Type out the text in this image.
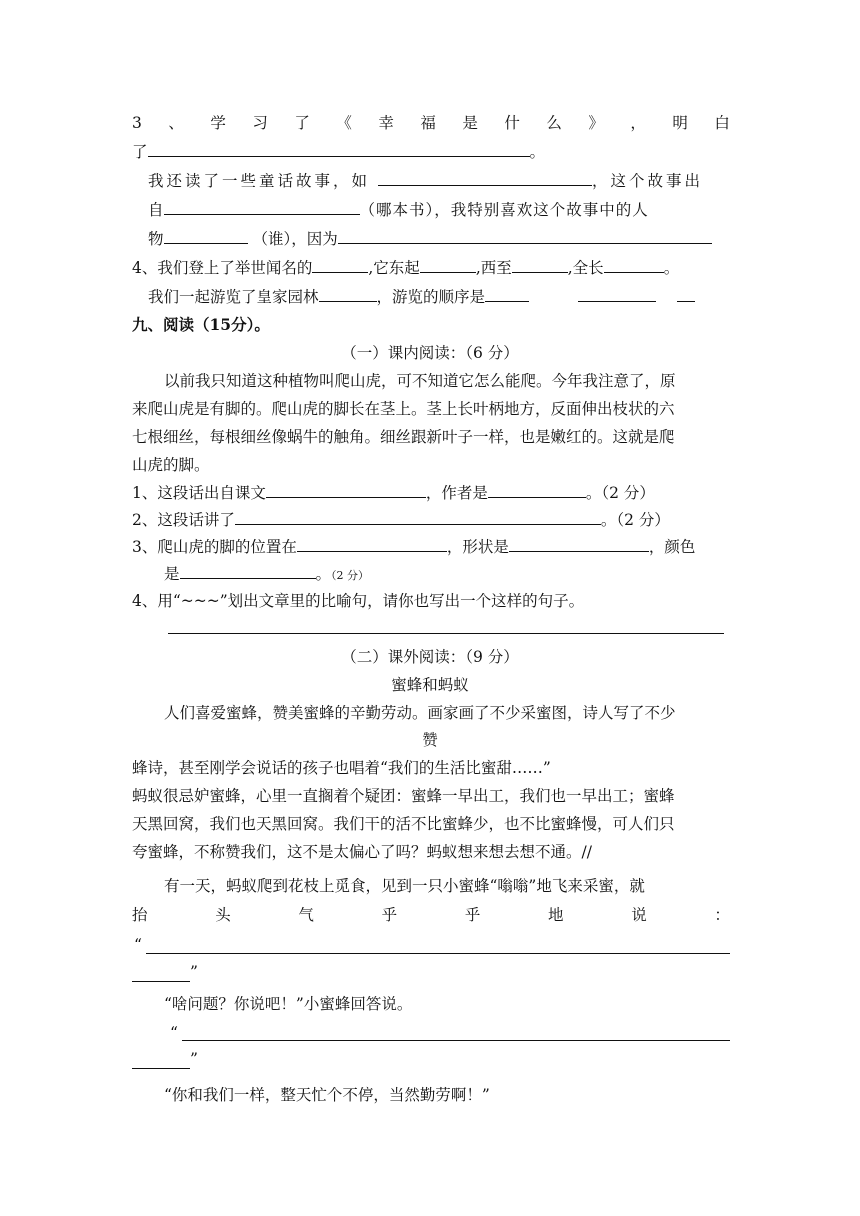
3 、 学 习 了 《 幸 福 是 什 么 》 ， 明 白
了	。
我还读了一些童话故事，如	，这个故事出
自	（哪本书），我特别喜欢这个故事中的人
物	（谁），因为
4、我们登上了举世闻名的	,它东起	,西至	,全长	。
我们一起游览了皇家园林	，游览的顺序是
九、阅读（15分）。
（一）课内阅读：（6 分）
以前我只知道这种植物叫爬山虎，可不知道它怎么能爬。今年我注意了，原
来爬山虎是有脚的。爬山虎的脚长在茎上。茎上长叶柄地方，反面伸出枝状的六
七根细丝，每根细丝像蜗牛的触角。细丝跟新叶子一样，也是嫩红的。这就是爬
山虎的脚。
1、这段话出自课文	，作者是	。（2 分）
2、这段话讲了	。（2 分）
3、爬山虎的脚的位置在	，形状是	，颜色
是	。（2 分）
4、用“~~~”划出文章里的比喻句，请你也写出一个这样的句子。
（二）课外阅读：（9 分）
蜜蜂和蚂蚁
人们喜爱蜜蜂，赞美蜜蜂的辛勤劳动。画家画了不少采蜜图，诗人写了不少
赞
蜂诗，甚至刚学会说话的孩子也唱着“我们的生活比蜜甜……”
蚂蚁很忌妒蜜蜂，心里一直搁着个疑团：蜜蜂一早出工，我们也一早出工；蜜蜂
天黑回窝，我们也天黑回窝。我们干的活不比蜜蜂少，也不比蜜蜂慢，可人们只
夸蜜蜂，不称赞我们，这不是太偏心了吗？蚂蚁想来想去想不通。//
有一天，蚂蚁爬到花枝上觅食，见到一只小蜜蜂“嗡嗡”地飞来采蜜，就
抬	头	气	乎	乎	地	说	：
“
”
“啥问题？你说吧！”小蜜蜂回答说。
“
”
“你和我们一样，整天忙个不停，当然勤劳啊！”
